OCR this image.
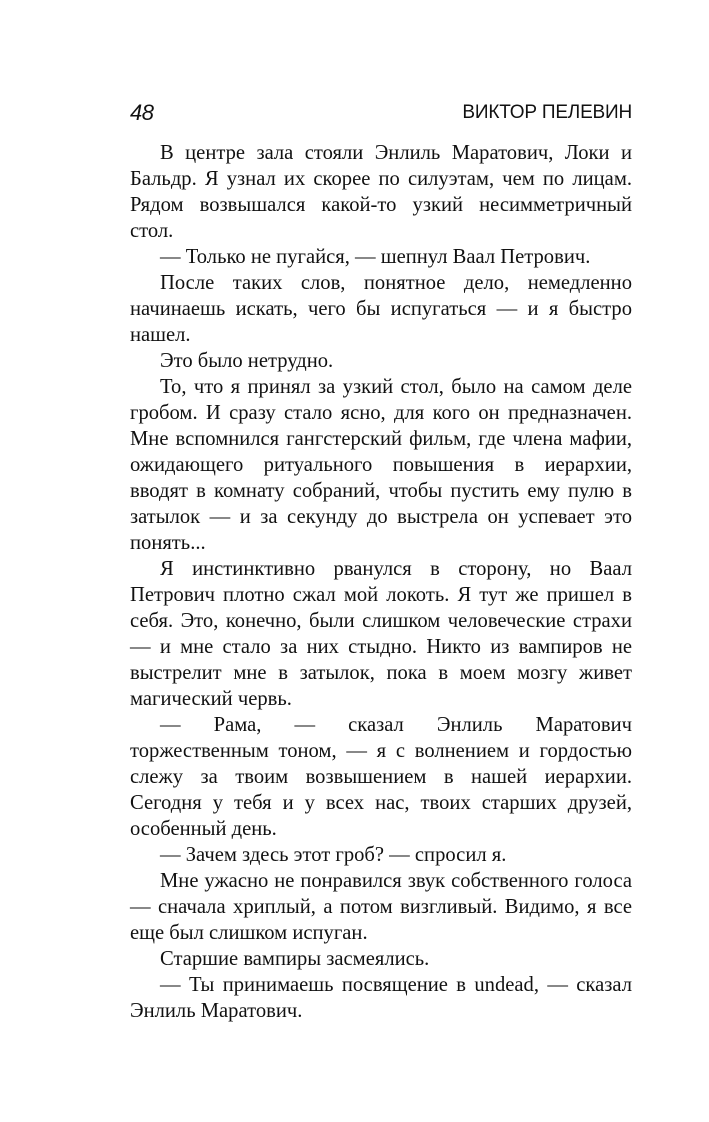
48	ВИКТОР ПЕЛЕВИН

В центре зала стояли Энлиль Маратович, Локи и Бальдр. Я узнал их скорее по силуэтам, чем по лицам. Рядом возвышался какой-то узкий несимметричный стол.

— Только не пугайся, — шепнул Ваал Петрович.

После таких слов, понятное дело, немедленно начинаешь искать, чего бы испугаться — и я быстро нашел.

Это было нетрудно.

То, что я принял за узкий стол, было на самом деле гробом. И сразу стало ясно, для кого он предназначен. Мне вспомнился гангстерский фильм, где члена мафии, ожидающего ритуального повышения в иерархии, вводят в комнату собраний, чтобы пустить ему пулю в затылок — и за секунду до выстрела он успевает это понять...

Я инстинктивно рванулся в сторону, но Ваал Петрович плотно сжал мой локоть. Я тут же пришел в себя. Это, конечно, были слишком человеческие страхи — и мне стало за них стыдно. Никто из вампиров не выстрелит мне в затылок, пока в моем мозгу живет магический червь.

— Рама, — сказал Энлиль Маратович торжественным тоном, — я с волнением и гордостью слежу за твоим возвышением в нашей иерархии. Сегодня у тебя и у всех нас, твоих старших друзей, особенный день.

— Зачем здесь этот гроб? — спросил я.

Мне ужасно не понравился звук собственного голоса — сначала хриплый, а потом визгливый. Видимо, я все еще был слишком испуган.

Старшие вампиры засмеялись.

— Ты принимаешь посвящение в undead, — сказал Энлиль Маратович.
